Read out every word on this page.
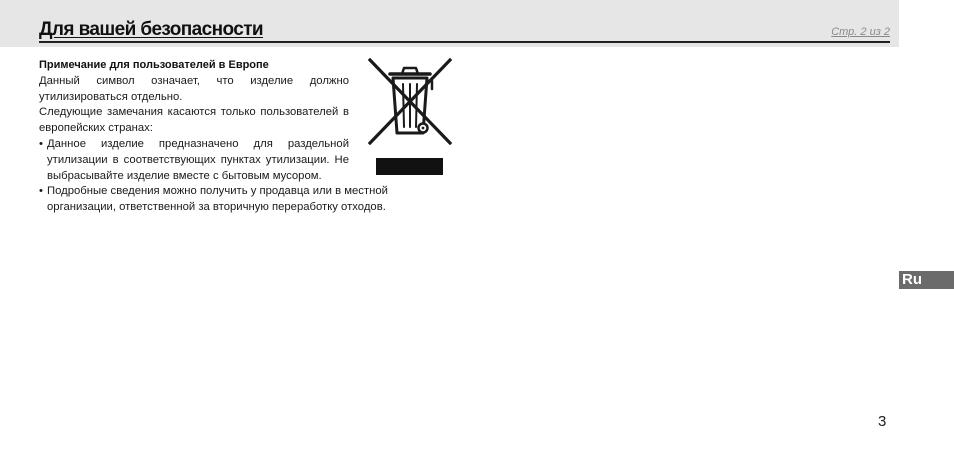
Для вашей безопасности	Стр. 2 из 2

Примечание для пользователей в Европе

Данный символ означает, что изделие должно утилизироваться отдельно.

Следующие замечания касаются только пользователей в европейских странах:

• Данное изделие предназначено для раздельной утилизации в соответствующих пунктах утилизации. Не выбрасывайте изделие вместе с бытовым мусором.
• Подробные сведения можно получить у продавца или в местной организации, ответственной за вторичную переработку отходов.
Ru
3
